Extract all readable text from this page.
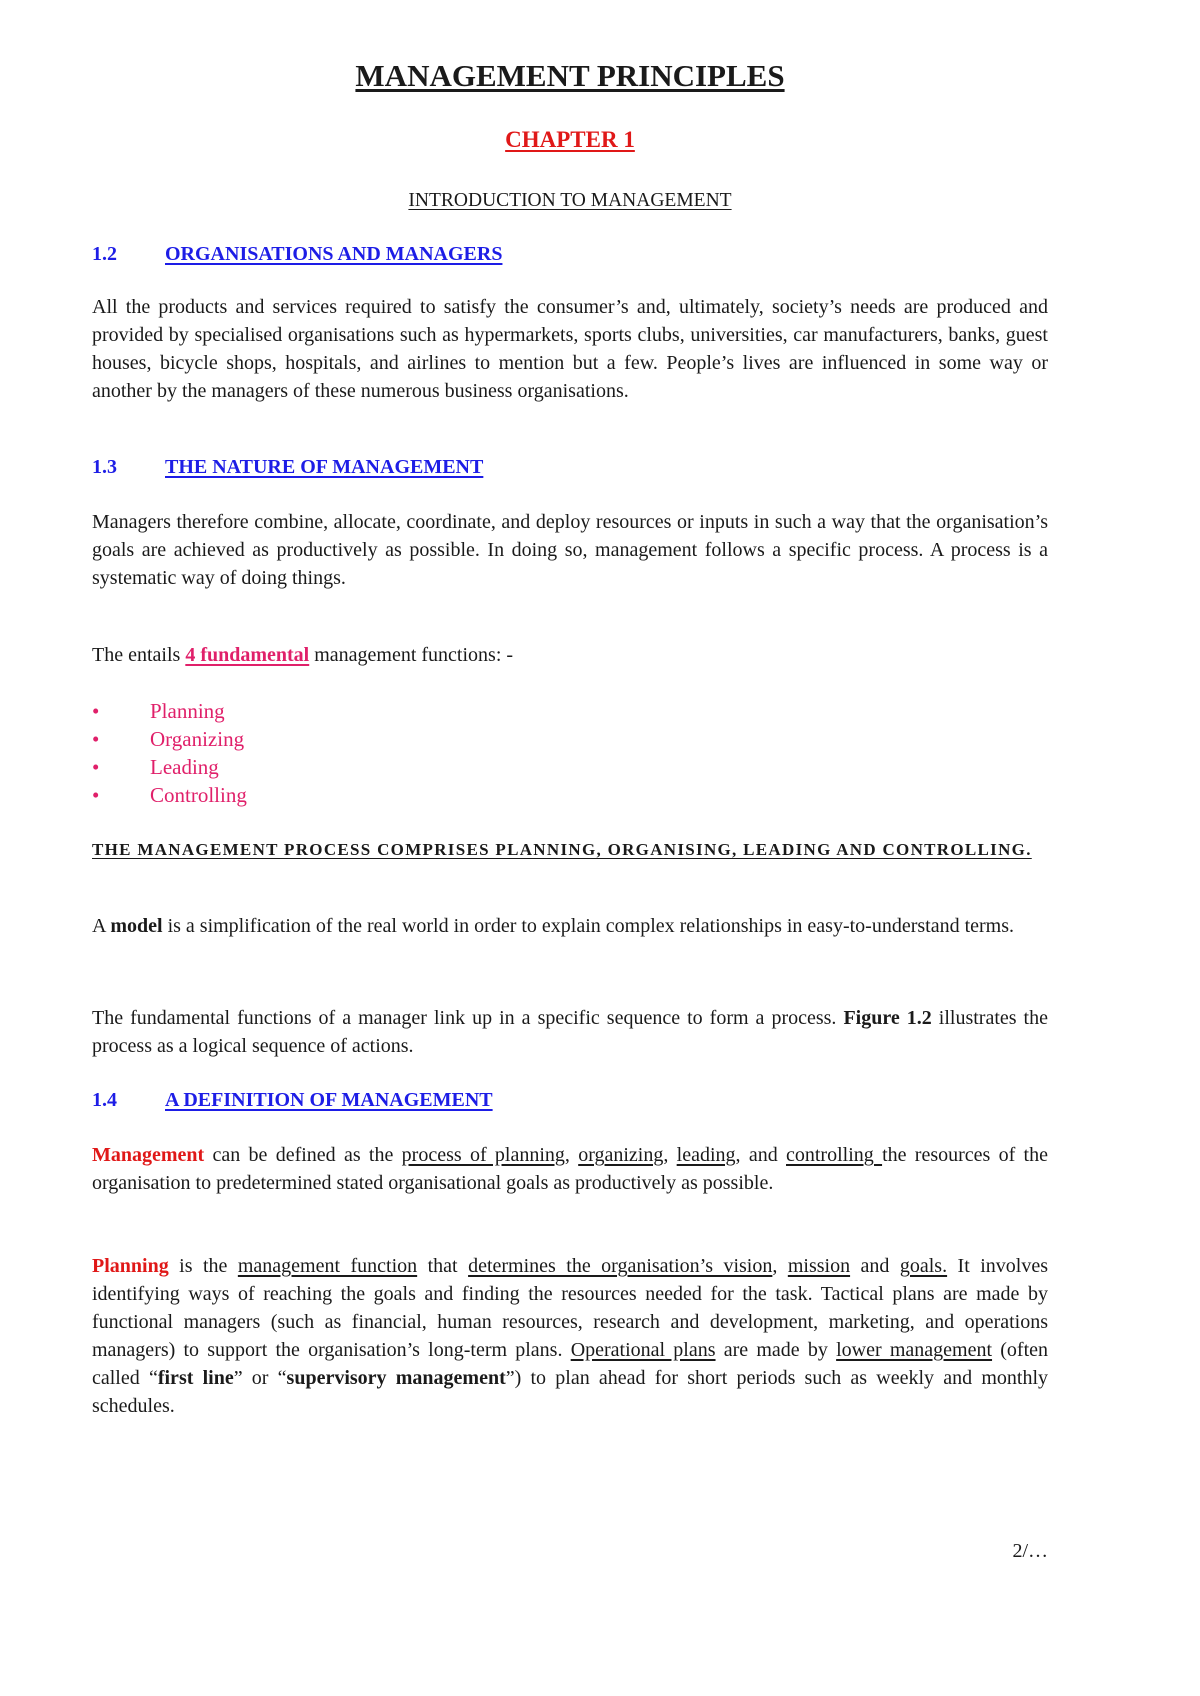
MANAGEMENT PRINCIPLES
CHAPTER 1
INTRODUCTION TO MANAGEMENT
1.2 ORGANISATIONS AND MANAGERS
All the products and services required to satisfy the consumer’s and, ultimately, society’s needs are produced and provided by specialised organisations such as hypermarkets, sports clubs, universities, car manufacturers, banks, guest houses, bicycle shops, hospitals, and airlines to mention but a few. People’s lives are influenced in some way or another by the managers of these numerous business organisations.
1.3 THE NATURE OF MANAGEMENT
Managers therefore combine, allocate, coordinate, and deploy resources or inputs in such a way that the organisation’s goals are achieved as productively as possible. In doing so, management follows a specific process. A process is a systematic way of doing things.
The entails 4 fundamental management functions: -
• Planning
• Organizing
• Leading
• Controlling
THE MANAGEMENT PROCESS COMPRISES PLANNING, ORGANISING, LEADING AND CONTROLLING.
A model is a simplification of the real world in order to explain complex relationships in easy-to-understand terms.
The fundamental functions of a manager link up in a specific sequence to form a process. Figure 1.2 illustrates the process as a logical sequence of actions.
1.4 A DEFINITION OF MANAGEMENT
Management can be defined as the process of planning, organizing, leading, and controlling the resources of the organisation to predetermined stated organisational goals as productively as possible.
Planning is the management function that determines the organisation’s vision, mission and goals. It involves identifying ways of reaching the goals and finding the resources needed for the task. Tactical plans are made by functional managers (such as financial, human resources, research and development, marketing, and operations managers) to support the organisation’s long-term plans. Operational plans are made by lower management (often called “first line” or “supervisory management”) to plan ahead for short periods such as weekly and monthly schedules.
2/…
